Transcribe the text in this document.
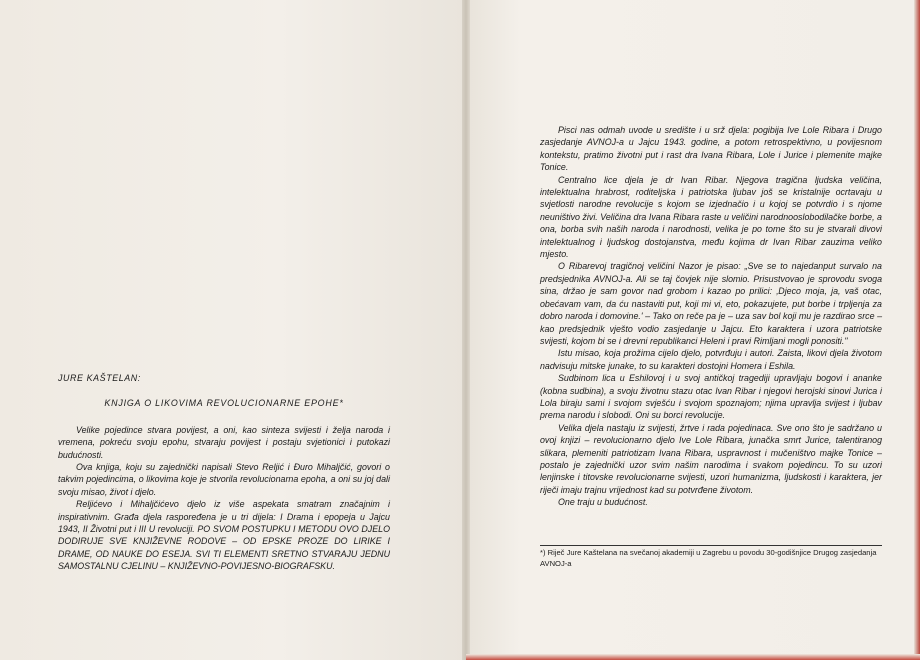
JURE KAŠTELAN:
KNJIGA O LIKOVIMA REVOLUCIONARNE EPOHE*

Velike pojedince stvara povijest, a oni, kao sinteza svijesti i želja naroda i vremena, pokreću svoju epohu, stvaraju povijest i postaju svjetionici i putokazi budućnosti.

Ova knjiga, koju su zajednički napisali Stevo Reljić i Đuro Mihaljčić, govori o takvim pojedincima, o likovima koje je stvorila revolucionarna epoha, a oni su joj dali svoju misao, život i djelo.

Reljićevo i Mihaljčićevo djelo iz više aspekata smatram značajnim i inspirativnim. Građa djela raspoređena je u tri dijela: I Drama i epopeja u Jajcu 1943, II Životni put i III U revoluciji. PO SVOM POSTUPKU I METODU OVO DJELO DODIRUJE SVE KNJIŽEVNE RODOVE – OD EPSKE PROZE DO LIRIKE I DRAME, OD NAUKE DO ESEJA. SVI TI ELEMENTI SRETNO STVARAJU JEDNU SAMOSTALNU CJELINU – KNJIŽEVNO-POVIJESNO-BIOGRAFSKU.

Pisci nas odmah uvode u središte i u srž djela: pogibija Ive Lole Ribara i Drugo zasjedanje AVNOJ-a u Jajcu 1943. godine, a potom retrospektivno, u povijesnom kontekstu, pratimo životni put i rast dra Ivana Ribara, Lole i Jurice i plemenite majke Tonice.

Centralno lice djela je dr Ivan Ribar. Njegova tragična ljudska veličina, intelektualna hrabrost, roditeljska i patriotska ljubav još se kristalnije ocrtavaju u svjetlosti narodne revolucije s kojom se izjednačio i u kojoj se potvrdio i s njome neuništivo živi. Veličina dra Ivana Ribara raste u veličini narodnooslobodilačke borbe, a ona, borba svih naših naroda i narodnosti, velika je po tome što su je stvarali divovi intelektualnog i ljudskog dostojanstva, među kojima dr Ivan Ribar zauzima veliko mjesto.

O Ribarevoj tragičnoj veličini Nazor je pisao: „Sve se to najedanput survalo na predsjednika AVNOJ-a. Ali se taj čovjek nije slomio. Prisustvovao je sprovodu svoga sina, držao je sam govor nad grobom i kazao po prilici: ‚Djeco moja, ja, vaš otac, obećavam vam, da ću nastaviti put, koji mi vi, eto, pokazujete, put borbe i trpljenja za dobro naroda i domovine.' – Tako on reče pa je – uza sav bol koji mu je razdirao srce – kao predsjednik vješto vodio zasjedanje u Jajcu. Eto karaktera i uzora patriotske svijesti, kojom bi se i drevni republikanci Heleni i pravi Rimljani mogli ponositi."

Istu misao, koja prožima cijelo djelo, potvrđuju i autori. Zaista, likovi djela životom nadvisuju mitske junake, to su karakteri dostojni Homera i Eshila.

Sudbinom lica u Eshilovoj i u svoj antičkoj tragediji upravljaju bogovi i ananke (kobna sudbina), a svoju životnu stazu otac Ivan Ribar i njegovi herojski sinovi Jurica i Lola biraju sami i svojom svješću i svojom spoznajom; njima upravlja svijest i ljubav prema narodu i slobodi. Oni su borci revolucije.

Velika djela nastaju iz svijesti, žrtve i rada pojedinaca. Sve ono što je sadržano u ovoj knjizi – revolucionarno djelo Ive Lole Ribara, junačka smrt Jurice, talentiranog slikara, plemeniti patriotizam Ivana Ribara, uspravnost i mučeništvo majke Tonice – postalo je zajednički uzor svim našim narodima i svakom pojedincu. To su uzori lenjinske i titovske revolucionarne svijesti, uzori humanizma, ljudskosti i karaktera, jer riječi imaju trajnu vrijednost kad su potvrđene životom.

One traju u budućnost.

*) Riječ Jure Kaštelana na svečanoj akademiji u Zagrebu u povodu 30-godišnjice Drugog zasjedanja AVNOJ-a
